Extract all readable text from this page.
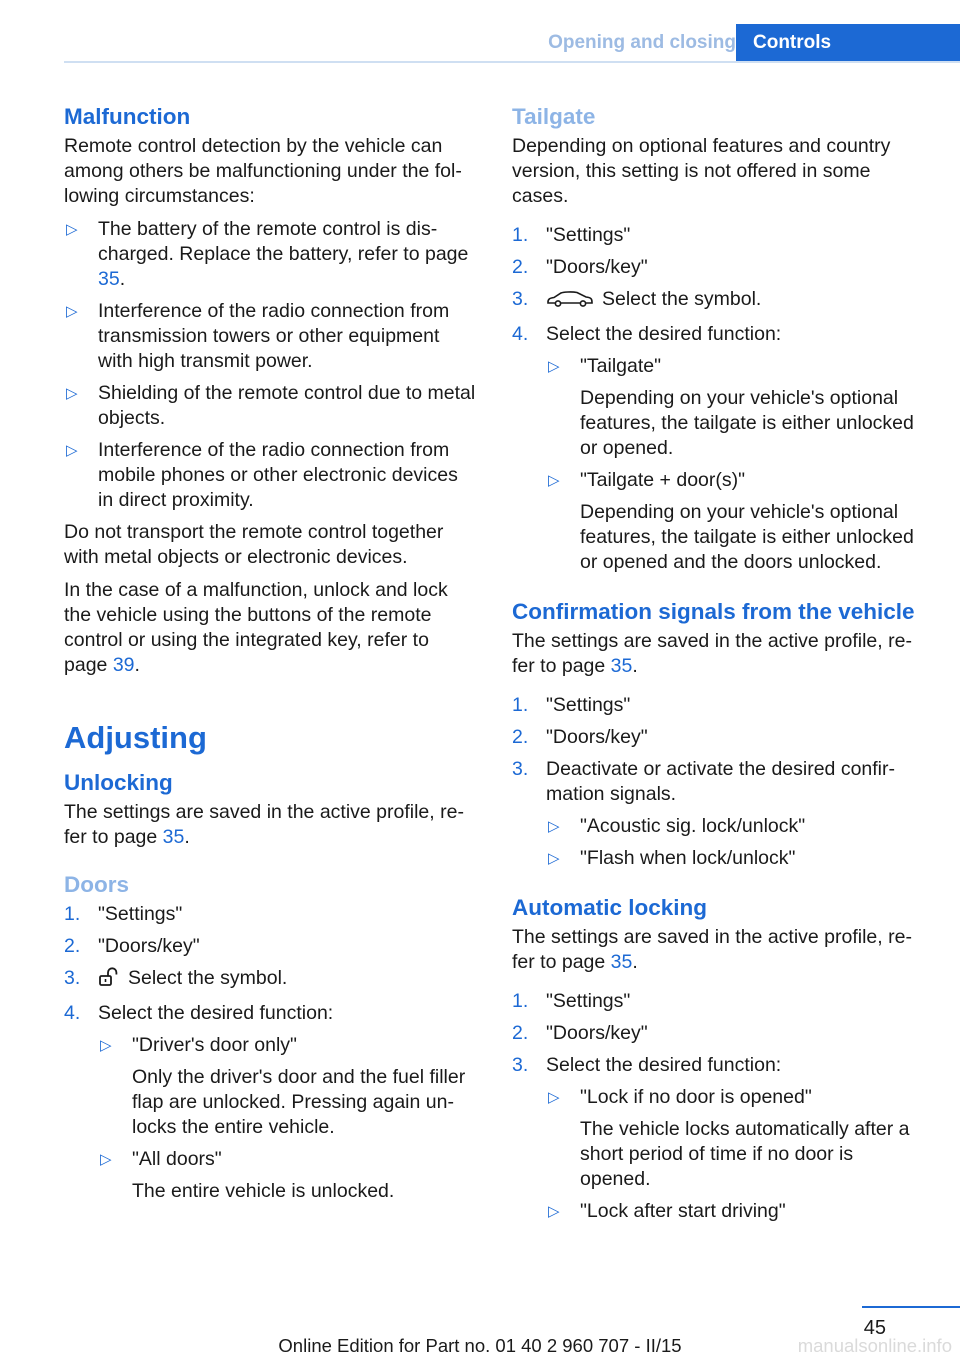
Opening and closing Controls
Malfunction
Remote control detection by the vehicle can among others be malfunctioning under the following circumstances:
▷ The battery of the remote control is discharged. Replace the battery, refer to page 35.
▷ Interference of the radio connection from transmission towers or other equipment with high transmit power.
▷ Shielding of the remote control due to metal objects.
▷ Interference of the radio connection from mobile phones or other electronic devices in direct proximity.
Do not transport the remote control together with metal objects or electronic devices.
In the case of a malfunction, unlock and lock the vehicle using the buttons of the remote control or using the integrated key, refer to page 39.
Adjusting
Unlocking
The settings are saved in the active profile, refer to page 35.
Doors
1. "Settings"
2. "Doors/key"
3. Select the symbol.
4. Select the desired function:
▷ "Driver's door only"
Only the driver's door and the fuel filler flap are unlocked. Pressing again unlocks the entire vehicle.
▷ "All doors"
The entire vehicle is unlocked.
Tailgate
Depending on optional features and country version, this setting is not offered in some cases.
1. "Settings"
2. "Doors/key"
3.	Select the symbol.
4. Select the desired function:
▷ "Tailgate"
Depending on your vehicle's optional features, the tailgate is either unlocked or opened.
▷ "Tailgate + door(s)"
Depending on your vehicle's optional features, the tailgate is either unlocked or opened and the doors unlocked.
Confirmation signals from the vehicle
The settings are saved in the active profile, refer to page 35.
1. "Settings"
2. "Doors/key"
3. Deactivate or activate the desired confirmation signals.
▷ "Acoustic sig. lock/unlock"
▷ "Flash when lock/unlock"
Automatic locking
The settings are saved in the active profile, refer to page 35.
1. "Settings"
2. "Doors/key"
3. Select the desired function:
▷ "Lock if no door is opened"
The vehicle locks automatically after a short period of time if no door is opened.
▷ "Lock after start driving"
45
Online Edition for Part no. 01 40 2 960 707 - II/15	manualsonline.info
